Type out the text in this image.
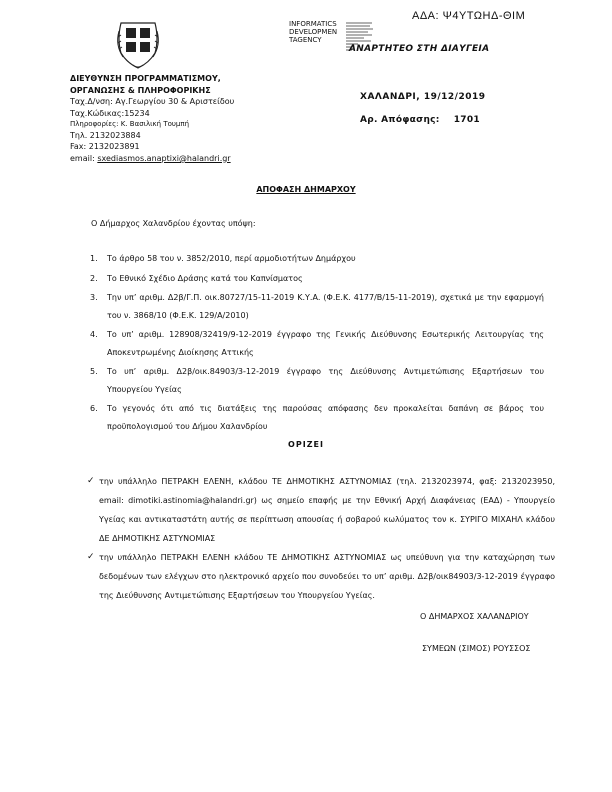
ΑΔΑ: Ψ4ΥΤΩΗΔ-ΘΙΜ
INFORMATICS
DEVELOPMEN
TAGENCY
ΑΝΑΡΤΗΤΕΟ ΣΤΗ ΔΙΑΥΓΕΙΑ
ΔΙΕΥΘΥΝΣΗ ΠΡΟΓΡΑΜΜΑΤΙΣΜΟΥ,
ΟΡΓΑΝΩΣΗΣ & ΠΛΗΡΟΦΟΡΙΚΗΣ
Ταχ.Δ/νση: Αγ.Γεωργίου 30 & Αριστείδου
Ταχ.Κώδικας:15234
Πληροφορίες: Κ. Βασιλική Τουμπή
Τηλ. 2132023884
Fax: 2132023891
email: sxediasmos.anaptixi@halandri.gr
ΧΑΛΑΝΔΡΙ, 19/12/2019
Αρ. Απόφασης: 1701
ΑΠΟΦΑΣΗ ΔΗΜΑΡΧΟΥ
Ο Δήμαρχος Χαλανδρίου έχοντας υπόψη:
1. Το άρθρο 58 του ν. 3852/2010, περί αρμοδιοτήτων Δημάρχου
2. Το Εθνικό Σχέδιο Δράσης κατά του Καπνίσματος
3. Την υπ’ αριθμ. Δ2β/Γ.Π. οικ.80727/15-11-2019 Κ.Υ.Α. (Φ.Ε.Κ. 4177/Β/15-11-2019), σχετικά με την εφαρμογή του ν. 3868/10 (Φ.Ε.Κ. 129/Α/2010)
4. Το υπ’ αριθμ. 128908/32419/9-12-2019 έγγραφο της Γενικής Διεύθυνσης Εσωτερικής Λειτουργίας της Αποκεντρωμένης Διοίκησης Αττικής
5. Το υπ’ αριθμ. Δ2β/οικ.84903/3-12-2019 έγγραφο της Διεύθυνσης Αντιμετώπισης Εξαρτήσεων του Υπουργείου Υγείας
6. Το γεγονός ότι από τις διατάξεις της παρούσας απόφασης δεν προκαλείται δαπάνη σε βάρος του προϋπολογισμού του Δήμου Χαλανδρίου
ΟΡΙΖΕΙ
✓ την υπάλληλο ΠΕΤΡΑΚΗ ΕΛΕΝΗ, κλάδου ΤΕ ΔΗΜΟΤΙΚΗΣ ΑΣΤΥΝΟΜΙΑΣ (τηλ. 2132023974, φαξ: 2132023950, email: dimotiki.astinomia@halandri.gr) ως σημείο επαφής με την Εθνική Αρχή Διαφάνειας (ΕΑΔ) - Υπουργείο Υγείας και αντικαταστάτη αυτής σε περίπτωση απουσίας ή σοβαρού κωλύματος τον κ. ΣΥΡΙΓΟ ΜΙΧΑΗΛ κλάδου ΔΕ ΔΗΜΟΤΙΚΗΣ ΑΣΤΥΝΟΜΙΑΣ
✓ την υπάλληλο ΠΕΤΡΑΚΗ ΕΛΕΝΗ κλάδου ΤΕ ΔΗΜΟΤΙΚΗΣ ΑΣΤΥΝΟΜΙΑΣ ως υπεύθυνη για την καταχώρηση των δεδομένων των ελέγχων στο ηλεκτρονικό αρχείο που συνοδεύει το υπ’ αριθμ. Δ2β/οικ84903/3-12-2019 έγγραφο της Διεύθυνσης Αντιμετώπισης Εξαρτήσεων του Υπουργείου Υγείας.
Ο ΔΗΜΑΡΧΟΣ ΧΑΛΑΝΔΡΙΟΥ
ΣΥΜΕΩΝ (ΣΙΜΟΣ) ΡΟΥΣΣΟΣ
